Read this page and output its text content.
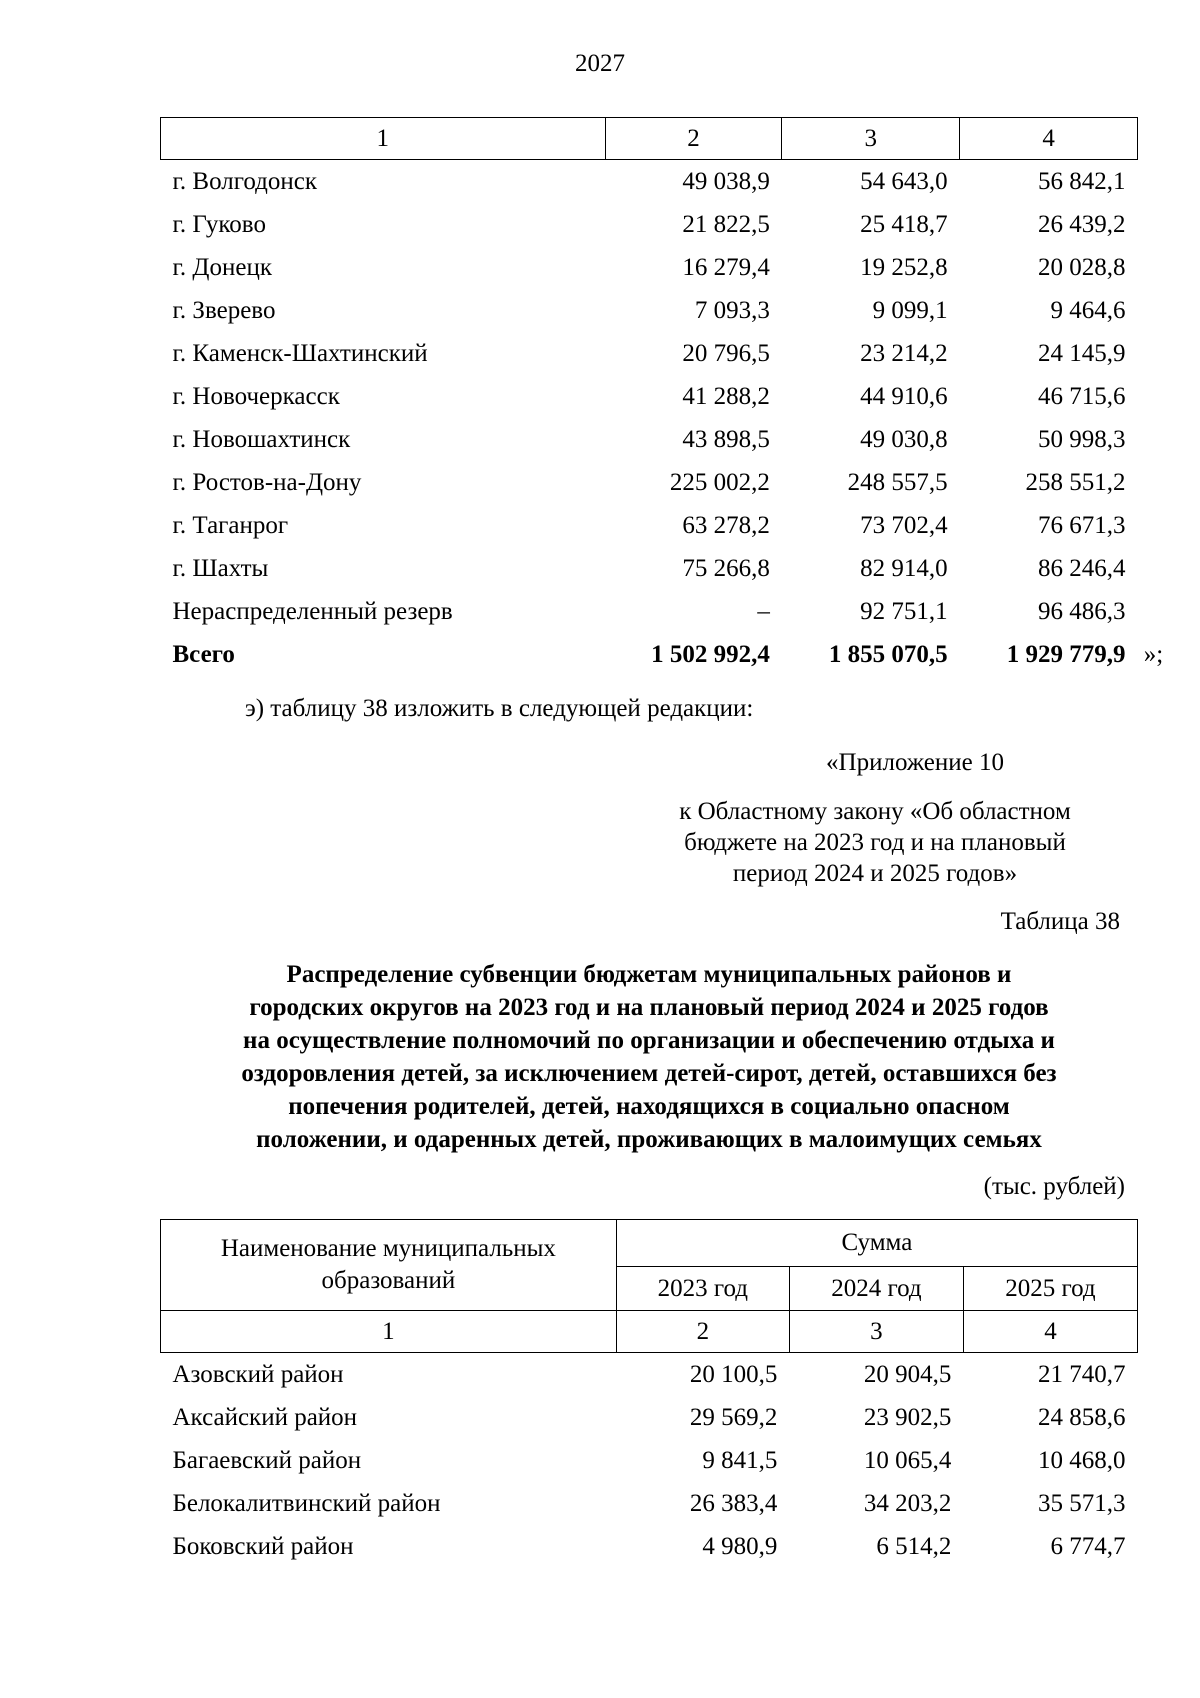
2027
1	2	3	4
г. Волгодонск	49 038,9	54 643,0	56 842,1
г. Гуково	21 822,5	25 418,7	26 439,2
г. Донецк	16 279,4	19 252,8	20 028,8
г. Зверево	7 093,3	9 099,1	9 464,6
г. Каменск-Шахтинский	20 796,5	23 214,2	24 145,9
г. Новочеркасск	41 288,2	44 910,6	46 715,6
г. Новошахтинск	43 898,5	49 030,8	50 998,3
г. Ростов-на-Дону	225 002,2	248 557,5	258 551,2
г. Таганрог	63 278,2	73 702,4	76 671,3
г. Шахты	75 266,8	82 914,0	86 246,4
Нераспределенный резерв	–	92 751,1	96 486,3
Всего	1 502 992,4	1 855 070,5	1 929 779,9 »;
э) таблицу 38 изложить в следующей редакции:
«Приложение 10
к Областному закону «Об областном
бюджете на 2023 год и на плановый
период 2024 и 2025 годов»
Таблица 38
Распределение субвенции бюджетам муниципальных районов и
городских округов на 2023 год и на плановый период 2024 и 2025 годов
на осуществление полномочий по организации и обеспечению отдыха и
оздоровления детей, за исключением детей-сирот, детей, оставшихся без
попечения родителей, детей, находящихся в социально опасном
положении, и одаренных детей, проживающих в малоимущих семьях
(тыс. рублей)
Наименование муниципальных
образований	Сумма		
	2023 год	2024 год	2025 год
1	2	3	4
Азовский район	20 100,5	20 904,5	21 740,7
Аксайский район	29 569,2	23 902,5	24 858,6
Багаевский район	9 841,5	10 065,4	10 468,0
Белокалитвинский район	26 383,4	34 203,2	35 571,3
Боковский район	4 980,9	6 514,2	6 774,7
